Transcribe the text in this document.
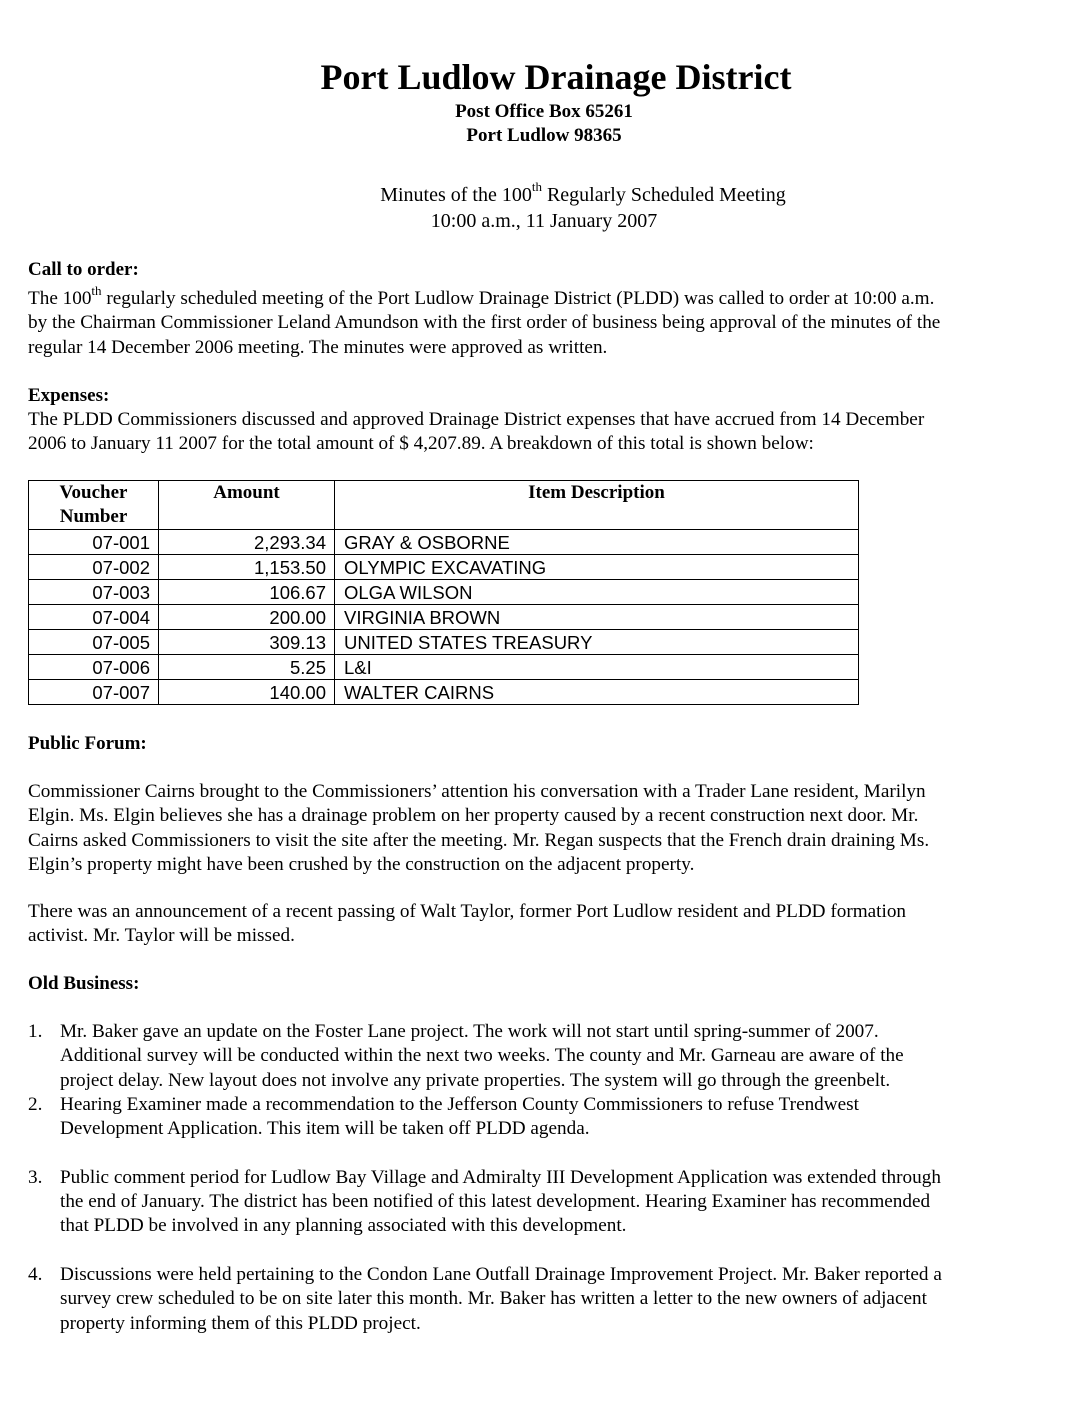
Port Ludlow Drainage District
Post Office Box 65261
Port Ludlow 98365
Minutes of the 100th Regularly Scheduled Meeting
10:00 a.m., 11 January 2007
Call to order:
The 100th regularly scheduled meeting of the Port Ludlow Drainage District (PLDD) was called to order at 10:00 a.m.
by the Chairman Commissioner Leland Amundson with the first order of business being approval of the minutes of the
regular 14 December 2006 meeting. The minutes were approved as written.
Expenses:
The PLDD Commissioners discussed and approved Drainage District expenses that have accrued from 14 December
2006 to January 11 2007 for the total amount of $ 4,207.89. A breakdown of this total is shown below:
Voucher
Number	Amount	Item Description
07-001	2,293.34	GRAY & OSBORNE
07-002	1,153.50	OLYMPIC EXCAVATING
07-003	106.67	OLGA WILSON
07-004	200.00	VIRGINIA BROWN
07-005	309.13	UNITED STATES TREASURY
07-006	5.25	L&I
07-007	140.00	WALTER CAIRNS
Public Forum:
Commissioner Cairns brought to the Commissioners’ attention his conversation with a Trader Lane resident, Marilyn
Elgin. Ms. Elgin believes she has a drainage problem on her property caused by a recent construction next door. Mr.
Cairns asked Commissioners to visit the site after the meeting. Mr. Regan suspects that the French drain draining Ms.
Elgin’s property might have been crushed by the construction on the adjacent property.
There was an announcement of a recent passing of Walt Taylor, former Port Ludlow resident and PLDD formation
activist. Mr. Taylor will be missed.
Old Business:
1. Mr. Baker gave an update on the Foster Lane project. The work will not start until spring-summer of 2007.
Additional survey will be conducted within the next two weeks. The county and Mr. Garneau are aware of the
project delay. New layout does not involve any private properties. The system will go through the greenbelt.
2. Hearing Examiner made a recommendation to the Jefferson County Commissioners to refuse Trendwest
Development Application. This item will be taken off PLDD agenda.
3. Public comment period for Ludlow Bay Village and Admiralty III Development Application was extended through
the end of January. The district has been notified of this latest development. Hearing Examiner has recommended
that PLDD be involved in any planning associated with this development.
4. Discussions were held pertaining to the Condon Lane Outfall Drainage Improvement Project. Mr. Baker reported a
survey crew scheduled to be on site later this month. Mr. Baker has written a letter to the new owners of adjacent
property informing them of this PLDD project.
